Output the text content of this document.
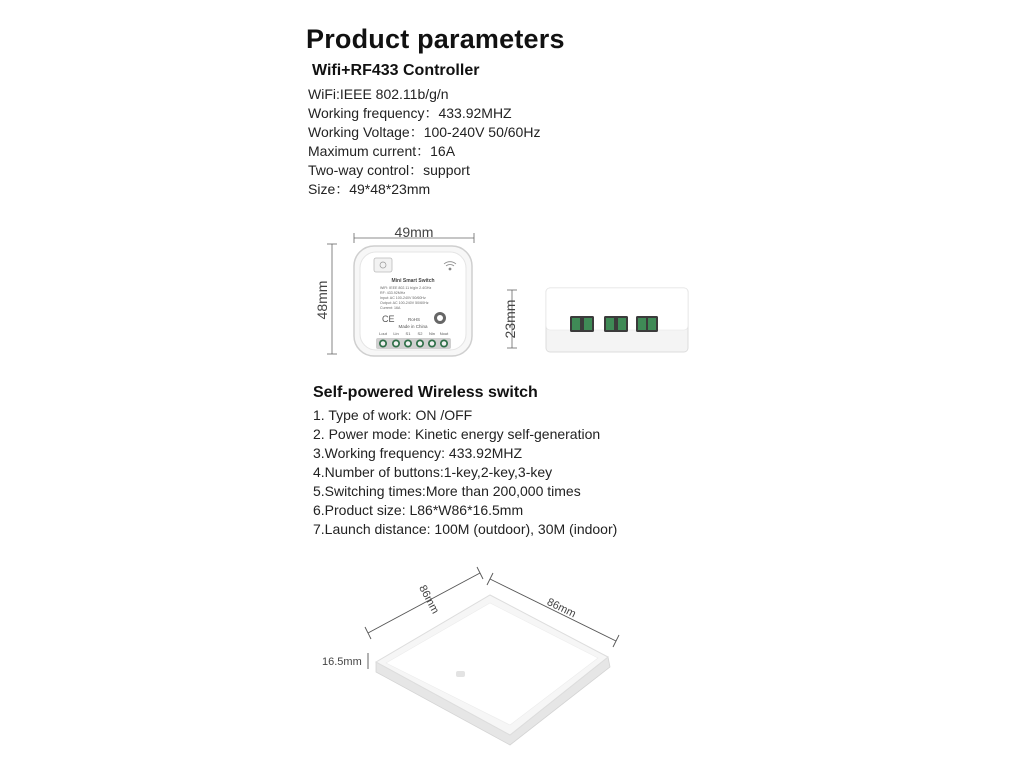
Product parameters
Wifi+RF433 Controller
WiFi:IEEE 802.11b/g/n
Working frequency：433.92MHZ
Working Voltage：100-240V 50/60Hz
Maximum current：16A
Two-way control：support
Size：49*48*23mm
49mm
48mm	Mini Smart Switch
WiFi: IEEE 802.11 b/g/n 2.4GHz
RF: 433.92MHz
Input: AC 100-240V 50/60Hz
Output: AC 100-240V 50/60Hz
Current: 16A
CE	RoHS
Made in China
Lout Lin S1 S2 Nin Nout	23mm
Self-powered Wireless switch
1. Type of work: ON /OFF
2. Power mode: Kinetic energy self-generation
3.Working frequency: 433.92MHZ
4.Number of buttons:1-key,2-key,3-key
5.Switching times:More than 200,000 times
6.Product size: L86*W86*16.5mm
7.Launch distance: 100M (outdoor), 30M (indoor)
86mm	86mm
16.5mm
